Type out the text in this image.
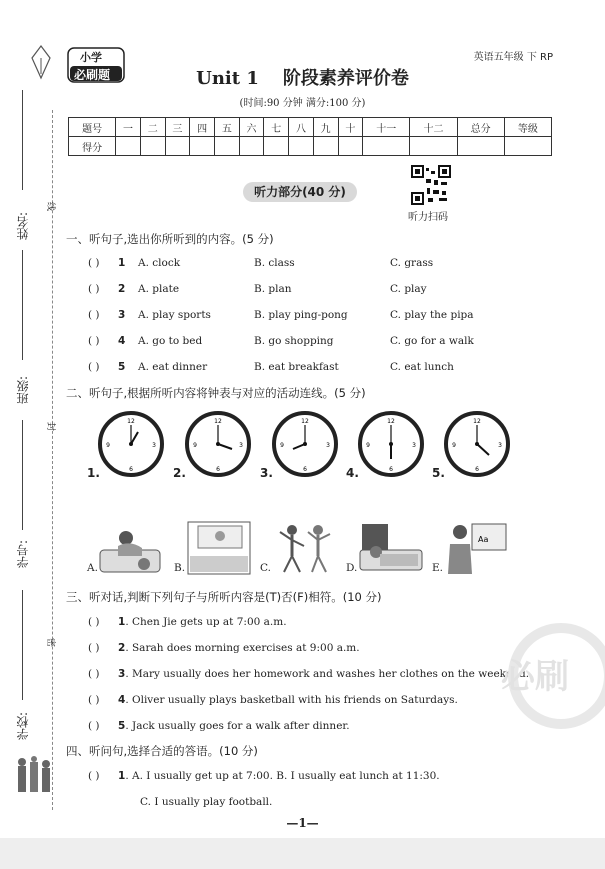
姓名:
班级:
学号:
学校:
线
封
密
小学
必刷题
英语五年级 下 RP
Unit 1 阶段素养评价卷
(时间:90 分钟 满分:100 分)
题号	一	二	三	四	五	六	七	八	九	十	十一	十二	总分	等级
得分														
听力部分(40 分)
听力扫码
一、听句子,选出你所听到的内容。(5 分)
( ) 1 A. clock	B. class	C. grass
( ) 2 A. plate	B. plan	C. play
( ) 3 A. play sports	B. play ping-pong	C. play the pipa
( ) 4 A. go to bed	B. go shopping	C. go for a walk
( ) 5 A. eat dinner	B. eat breakfast	C. eat lunch
二、听句子,根据所听内容将钟表与对应的活动连线。(5 分)
12
3
6
9
12
3
6
9
12
3
6
9
12
3
6
9
12
3
6
9
1.	2.	3.	4.	5.
Aa
A.	B.	C.	D.	E.
三、听对话,判断下列句子与所听内容是(T)否(F)相符。(10 分)
( ) 1. Chen Jie gets up at 7:00 a.m.
( ) 2. Sarah does morning exercises at 9:00 a.m.
( ) 3. Mary usually does her homework and washes her clothes on the weekend.
( ) 4. Oliver usually plays basketball with his friends on Saturdays.
( ) 5. Jack usually goes for a walk after dinner.
四、听问句,选择合适的答语。(10 分)
( ) 1. A. I usually get up at 7:00. B. I usually eat lunch at 11:30.
C. I usually play football.
必刷
—1—
